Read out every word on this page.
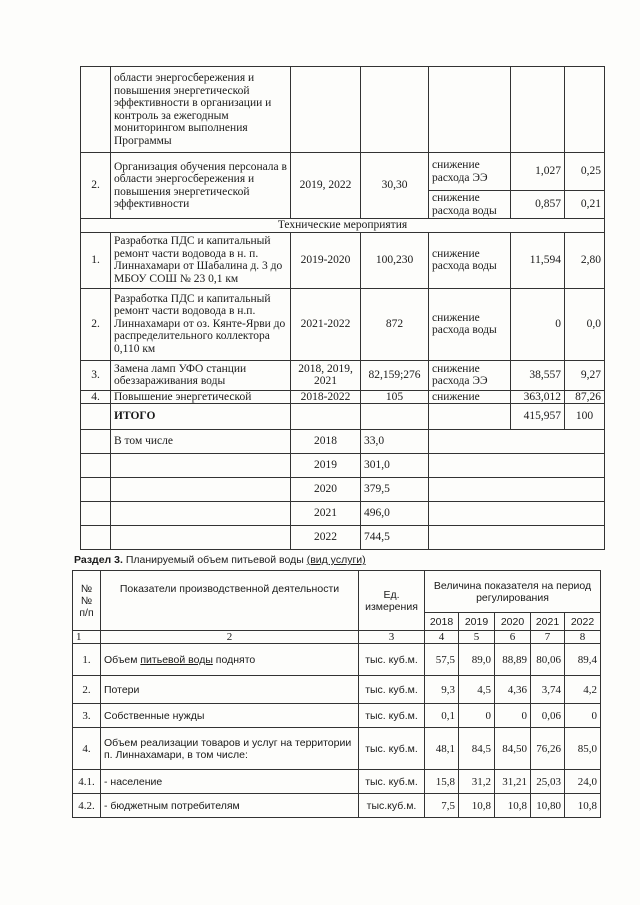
	области энергосбережения и повышения энергетической эффективности в организации и контроль за ежегодным мониторингом выполнения Программы					
2.	Организация обучения персонала в области энергосбережения и повышения энергетической эффективности	2019, 2022	30,30	снижение расхода ЭЭ	1,027	0,25
				снижение расхода воды	0,857	0,21
Технические мероприятия						
1.	Разработка ПДС и капитальный ремонт части водовода в н. п. Линнахамари от Шабалина д. 3 до МБОУ СОШ № 23 0,1 км	2019-2020	100,230	снижение расхода воды	11,594	2,80
2.	Разработка ПДС и капитальный ремонт части водовода в н.п. Линнахамари от оз. Кянте-Ярви до распределительного коллектора 0,110 км	2021-2022	872	снижение расхода воды	0	0,0
3.	Замена ламп УФО станции обеззараживания воды	2018, 2019, 2021	82,159;276	снижение расхода ЭЭ	38,557	9,27
4.	Повышение энергетической	2018-2022	105	снижение	363,012	87,26
	ИТОГО				415,957	100
	В том числе	2018	33,0			
		2019	301,0			
		2020	379,5			
		2021	496,0			
		2022	744,5			
Раздел 3. Планируемый объем питьевой воды (вид услуги)
№№ п/п	Показатели производственной деятельности	Ед. измерения	Величина показателя на период регулирования				
			2018	2019	2020	2021	2022
1	2	3	4	5	6	7	8
1.	Объем питьевой воды поднято	тыс. куб.м.	57,5	89,0	88,89	80,06	89,4
2.	Потери	тыс. куб.м.	9,3	4,5	4,36	3,74	4,2
3.	Собственные нужды	тыс. куб.м.	0,1	0	0	0,06	0
4.	Объем реализации товаров и услуг на территории п. Линнахамари, в том числе:	тыс. куб.м.	48,1	84,5	84,50	76,26	85,0
4.1.	- население	тыс. куб.м.	15,8	31,2	31,21	25,03	24,0
4.2.	- бюджетным потребителям	тыс.куб.м.	7,5	10,8	10,8	10,80	10,8
